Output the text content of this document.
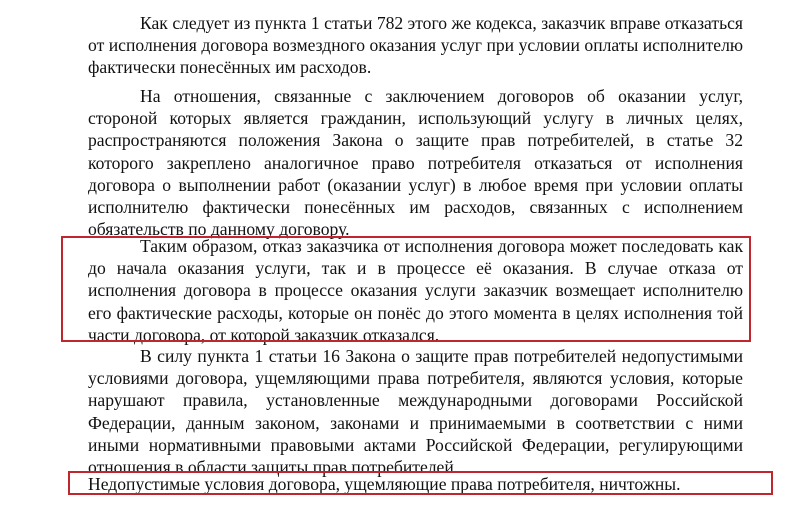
Как следует из пункта 1 статьи 782 этого же кодекса, заказчик вправе отказаться от исполнения договора возмездного оказания услуг при условии оплаты исполнителю фактически понесённых им расходов.

На отношения, связанные с заключением договоров об оказании услуг, стороной которых является гражданин, использующий услугу в личных целях, распространяются положения Закона о защите прав потребителей, в статье 32 которого закреплено аналогичное право потребителя отказаться от исполнения договора о выполнении работ (оказании услуг) в любое время при условии оплаты исполнителю фактически понесённых им расходов, связанных с исполнением обязательств по данному договору.

Таким образом, отказ заказчика от исполнения договора может последовать как до начала оказания услуги, так и в процессе её оказания. В случае отказа от исполнения договора в процессе оказания услуги заказчик возмещает исполнителю его фактические расходы, которые он понёс до этого момента в целях исполнения той части договора, от которой заказчик отказался.

В силу пункта 1 статьи 16 Закона о защите прав потребителей недопустимыми условиями договора, ущемляющими права потребителя, являются условия, которые нарушают правила, установленные международными договорами Российской Федерации, данным законом, законами и принимаемыми в соответствии с ними иными нормативными правовыми актами Российской Федерации, регулирующими отношения в области защиты прав потребителей.

Недопустимые условия договора, ущемляющие права потребителя, ничтожны.
